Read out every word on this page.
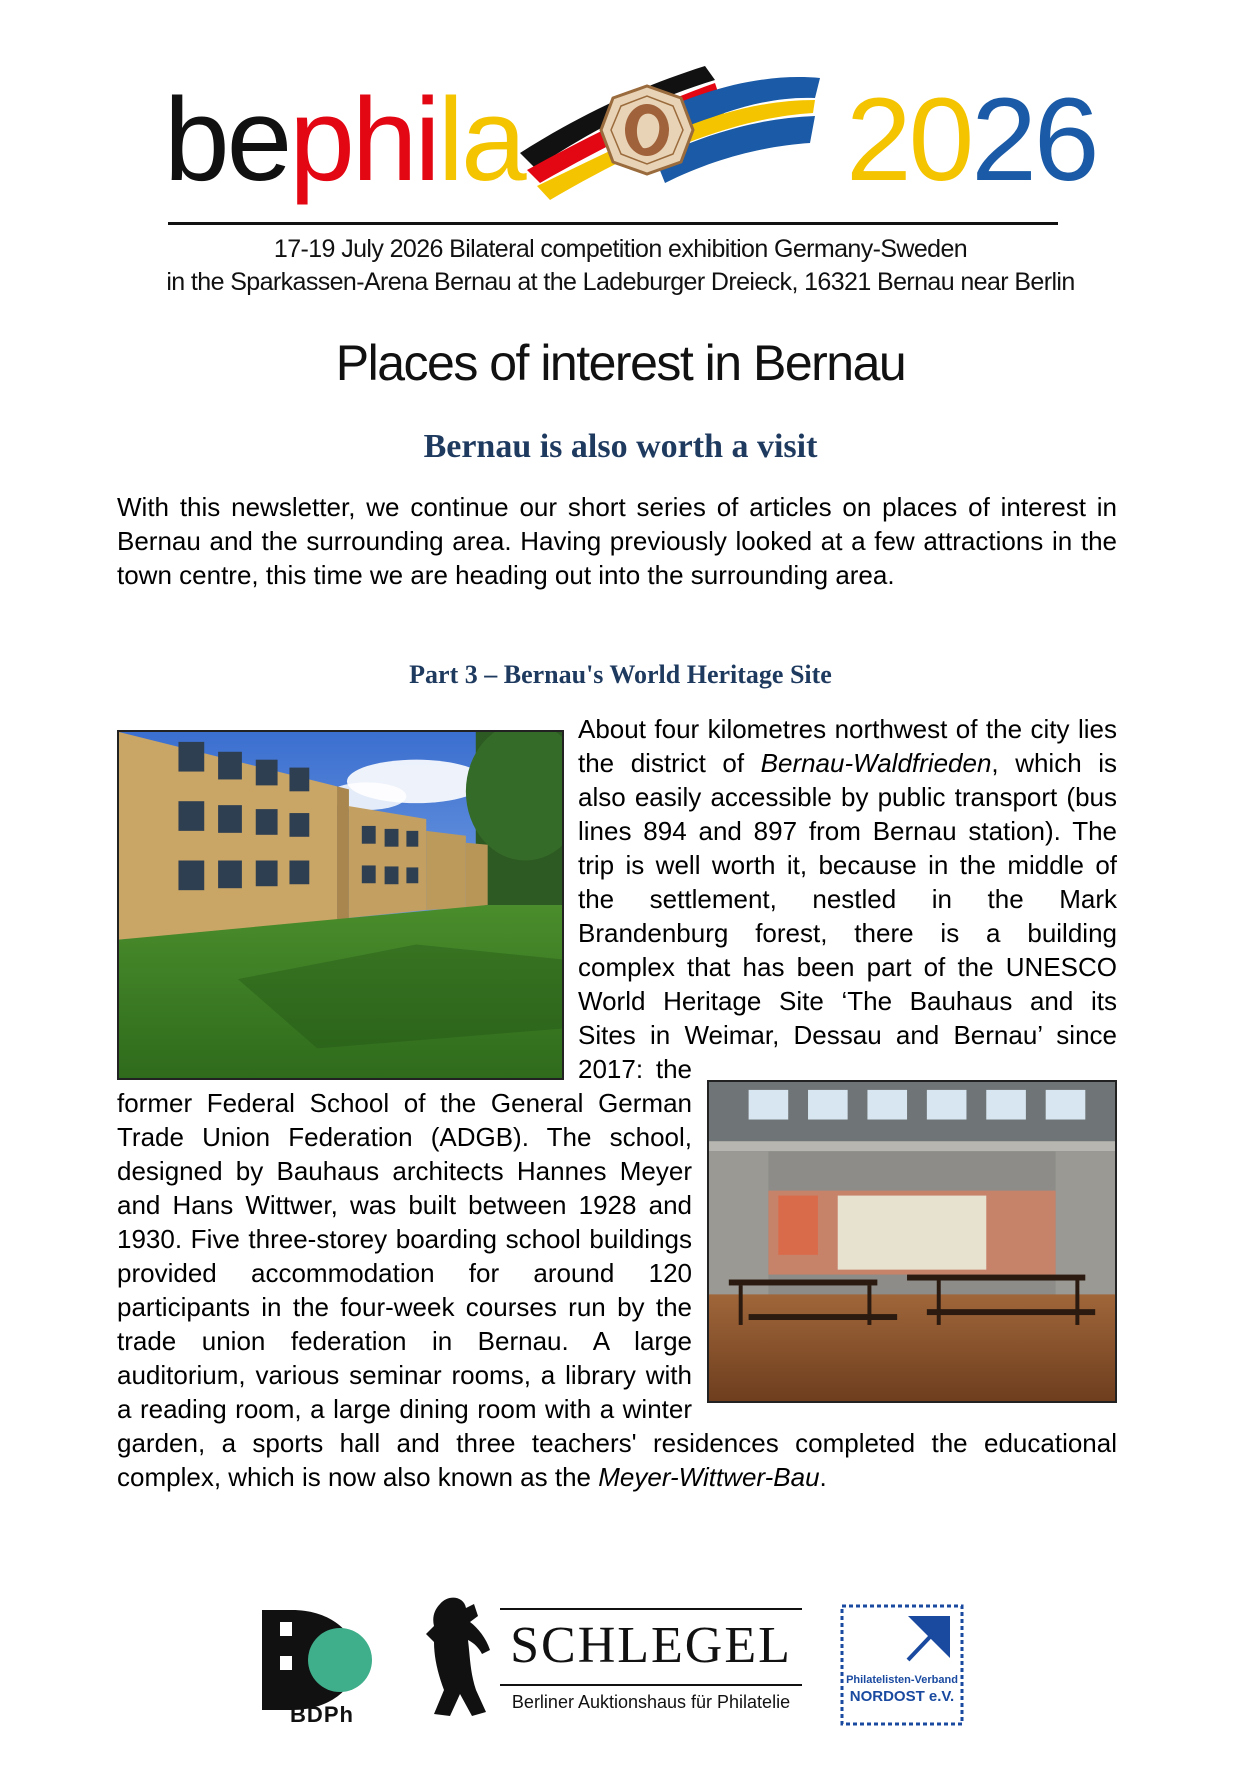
bephila	2026
17-19 July 2026 Bilateral competition exhibition Germany-Sweden
in the Sparkassen-Arena Bernau at the Ladeburger Dreieck, 16321 Bernau near Berlin
Places of interest in Bernau
Bernau is also worth a visit

With this newsletter, we continue our short series of articles on places of interest in Bernau and the surrounding area. Having previously looked at a few attractions in the town centre, this time we are heading out into the surrounding area.

Part 3 – Bernau's World Heritage Site

About four kilometres northwest of the city lies the district of Bernau-Waldfrieden
, which is also easily accessible by public transport (bus lines 894 and 897 from Bernau station). The trip is well worth it, because in the middle of the settlement, nestled in the Mark Brandenburg forest, there is a building complex that has been part of the UNESCO World Heritage Site ‘The Bauhaus and its Sites in Weimar, Dessau and Bernau’ since 2017: the former Federal School of the General German Trade Union Federation (ADGB). The school, designed by Bauhaus architects Hannes Meyer and Hans Wittwer, was built between 1928 and 1930. Five three-storey boarding school buildings provided accommodation for around 120 participants in the four-week courses run by the trade union federation in Bernau. A large auditorium, various seminar rooms, a library with a reading room, a large dining room with a winter garden, a sports hall and three teachers' residences completed the educational complex, which is now also known as the Meyer-Wittwer-Bau.

BDPh
SCHLEGEL
Berliner Auktionshaus für Philatelie
Philatelisten-Verband
NORDOST e.V.
